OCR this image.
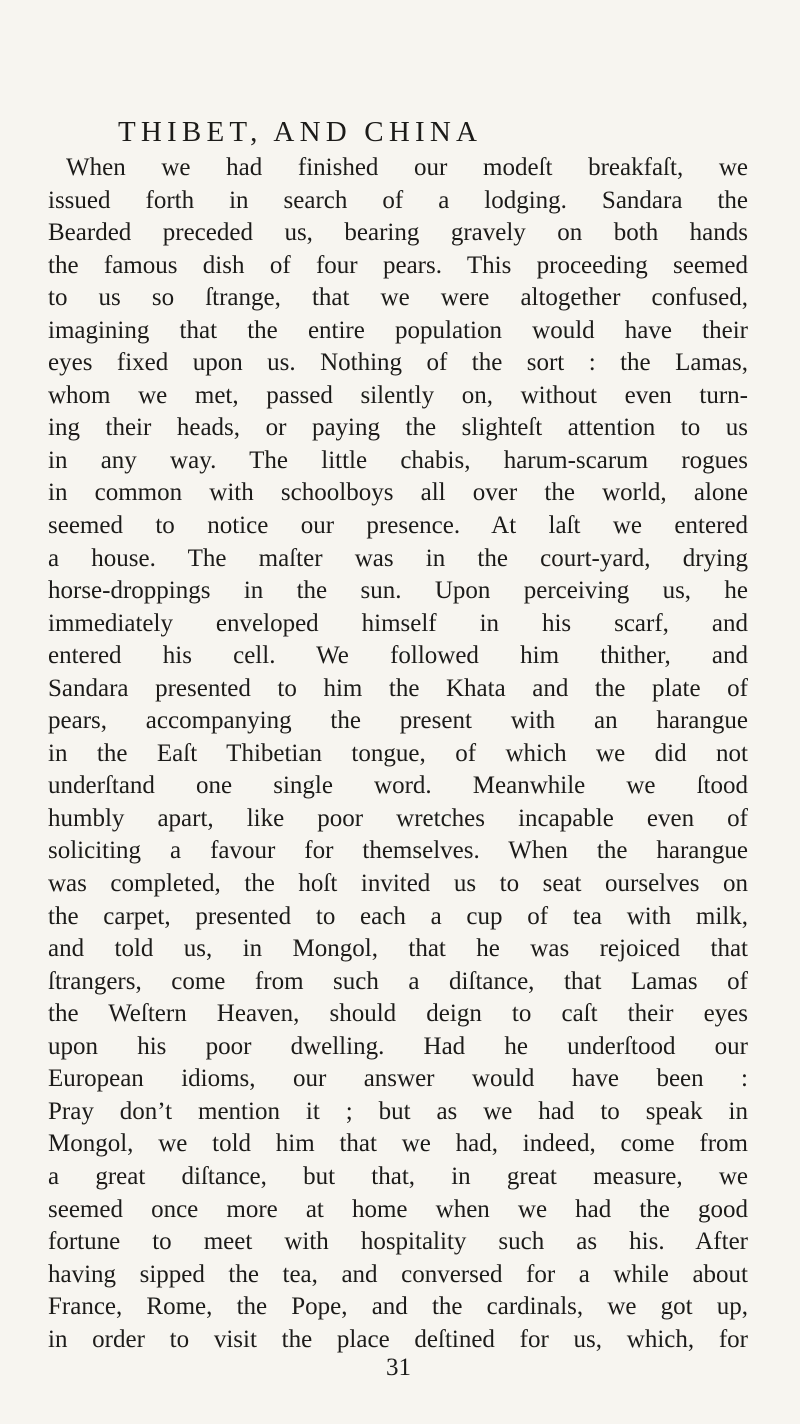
THIBET, AND CHINA
When we had finished our modeſt breakfaſt, we
issued forth in search of a lodging. Sandara the
Bearded preceded us, bearing gravely on both hands
the famous dish of four pears. This proceeding seemed
to us so ſtrange, that we were altogether confused,
imagining that the entire population would have their
eyes fixed upon us. Nothing of the sort : the Lamas,
whom we met, passed silently on, without even turn-
ing their heads, or paying the slighteſt attention to us
in any way. The little chabis, harum-scarum rogues
in common with schoolboys all over the world, alone
seemed to notice our presence. At laſt we entered
a house. The maſter was in the court-yard, drying
horse-droppings in the sun. Upon perceiving us, he
immediately enveloped himself in his scarf, and
entered his cell. We followed him thither, and
Sandara presented to him the Khata and the plate of
pears, accompanying the present with an harangue
in the Eaſt Thibetian tongue, of which we did not
underſtand one single word. Meanwhile we ſtood
humbly apart, like poor wretches incapable even of
soliciting a favour for themselves. When the harangue
was completed, the hoſt invited us to seat ourselves on
the carpet, presented to each a cup of tea with milk,
and told us, in Mongol, that he was rejoiced that
ſtrangers, come from such a diſtance, that Lamas of
the Weſtern Heaven, should deign to caſt their eyes
upon his poor dwelling. Had he underſtood our
European idioms, our answer would have been :
Pray don’t mention it ; but as we had to speak in
Mongol, we told him that we had, indeed, come from
a great diſtance, but that, in great measure, we
seemed once more at home when we had the good
fortune to meet with hospitality such as his. After
having sipped the tea, and conversed for a while about
France, Rome, the Pope, and the cardinals, we got up,
in order to visit the place deſtined for us, which, for
31
